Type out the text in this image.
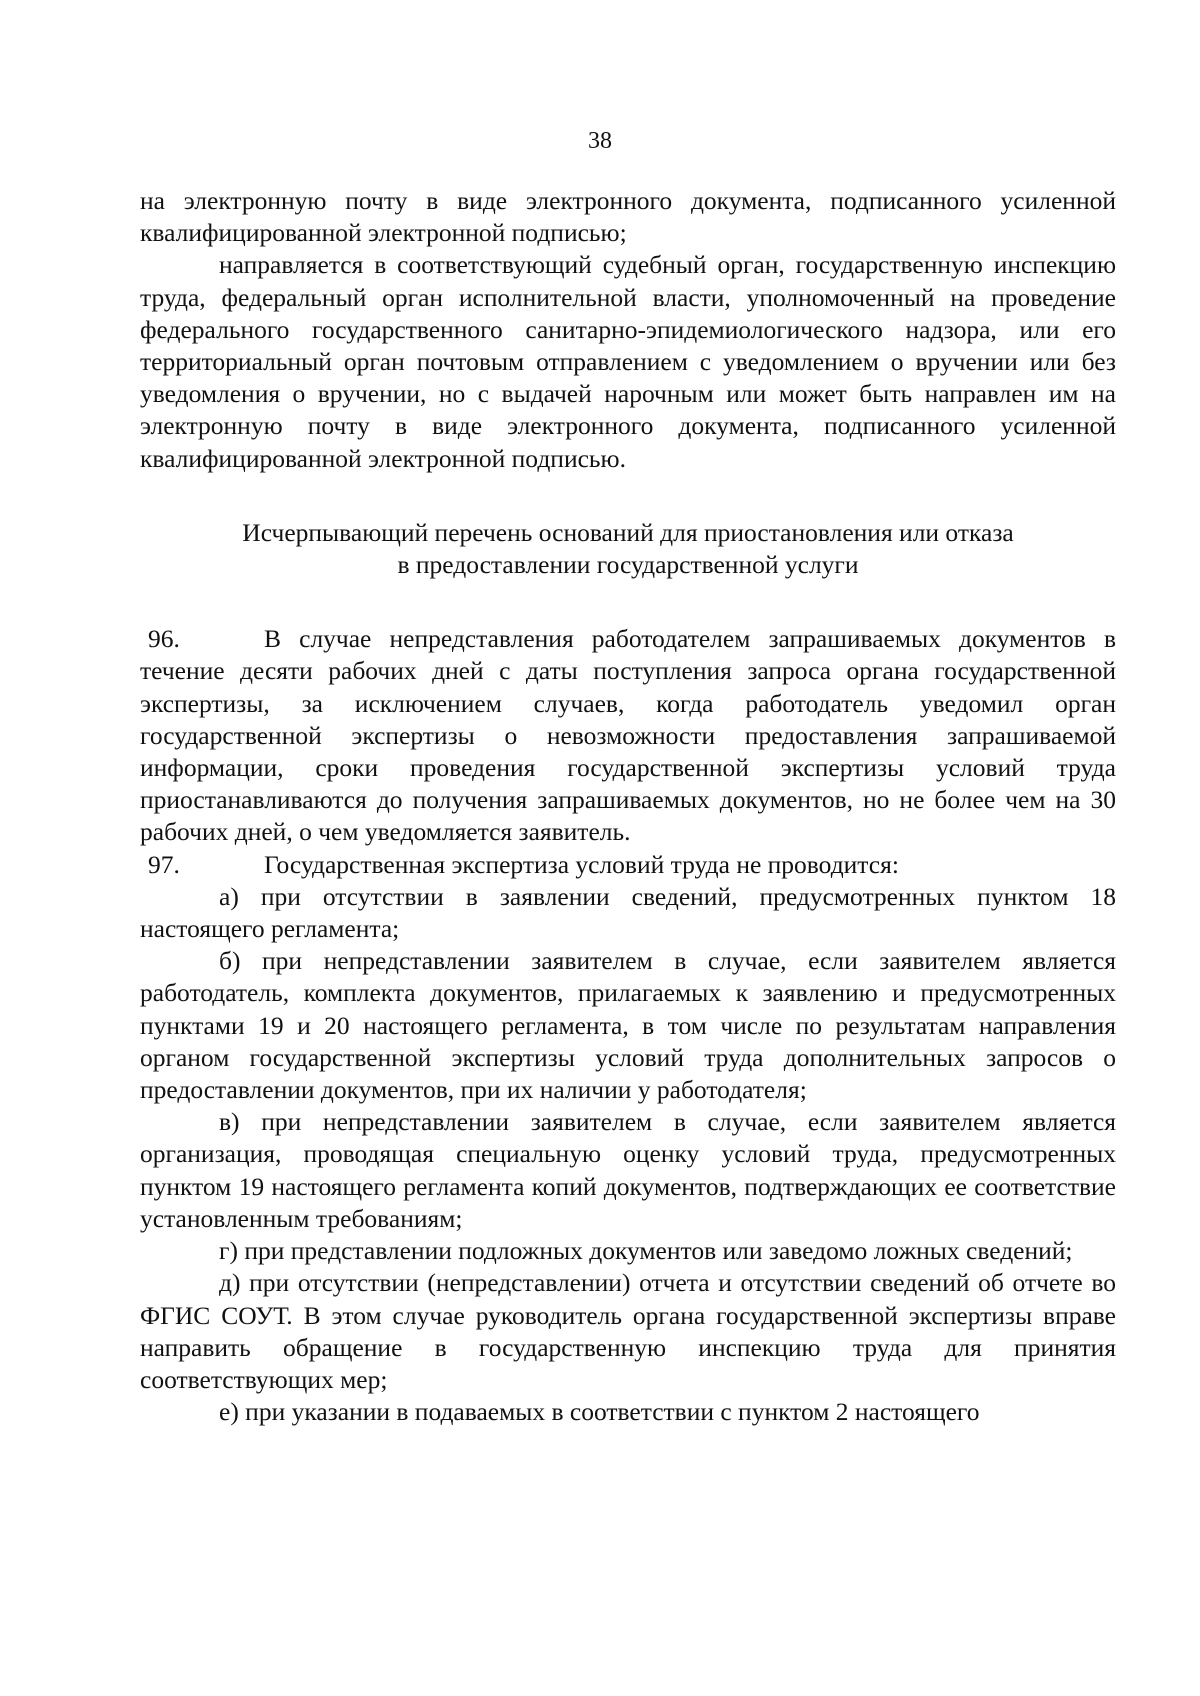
38

на электронную почту в виде электронного документа, подписанного усиленной квалифицированной электронной подписью;

направляется в соответствующий судебный орган, государственную инспекцию труда, федеральный орган исполнительной власти, уполномоченный на проведение федерального государственного санитарно-эпидемиологического надзора, или его территориальный орган почтовым отправлением с уведомлением о вручении или без уведомления о вручении, но с выдачей нарочным или может быть направлен им на электронную почту в виде электронного документа, подписанного усиленной квалифицированной электронной подписью.

Исчерпывающий перечень оснований для приостановления или отказа
в предоставлении государственной услуги

96.	В случае непредставления работодателем запрашиваемых документов в течение десяти рабочих дней с даты поступления запроса органа государственной экспертизы, за исключением случаев, когда работодатель уведомил орган государственной экспертизы о невозможности предоставления запрашиваемой информации, сроки проведения государственной экспертизы условий труда приостанавливаются до получения запрашиваемых документов, но не более чем на 30 рабочих дней, о чем уведомляется заявитель.

97.	Государственная экспертиза условий труда не проводится:

а) при отсутствии в заявлении сведений, предусмотренных пунктом 18 настоящего регламента;

б) при непредставлении заявителем в случае, если заявителем является работодатель, комплекта документов, прилагаемых к заявлению и предусмотренных пунктами 19 и 20 настоящего регламента, в том числе по результатам направления органом государственной экспертизы условий труда дополнительных запросов о предоставлении документов, при их наличии у работодателя;

в) при непредставлении заявителем в случае, если заявителем является организация, проводящая специальную оценку условий труда, предусмотренных пунктом 19 настоящего регламента копий документов, подтверждающих ее соответствие установленным требованиям;

г) при представлении подложных документов или заведомо ложных сведений;

д) при отсутствии (непредставлении) отчета и отсутствии сведений об отчете во ФГИС СОУТ. В этом случае руководитель органа государственной экспертизы вправе направить обращение в государственную инспекцию труда для принятия соответствующих мер;

е) при указании в подаваемых в соответствии с пунктом 2 настоящего
